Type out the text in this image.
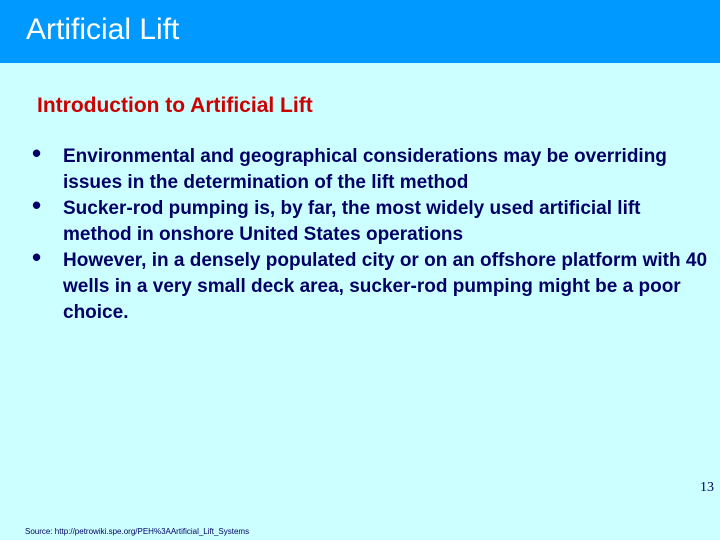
Artificial Lift
Introduction to Artificial Lift
• Environmental and geographical considerations may be overriding issues in the determination of the lift method
• Sucker-rod pumping is, by far, the most widely used artificial lift method in onshore United States operations
• However, in a densely populated city or on an offshore platform with 40 wells in a very small deck area, sucker-rod pumping might be a poor choice.
13
Source: http://petrowiki.spe.org/PEH%3AArtificial_Lift_Systems
